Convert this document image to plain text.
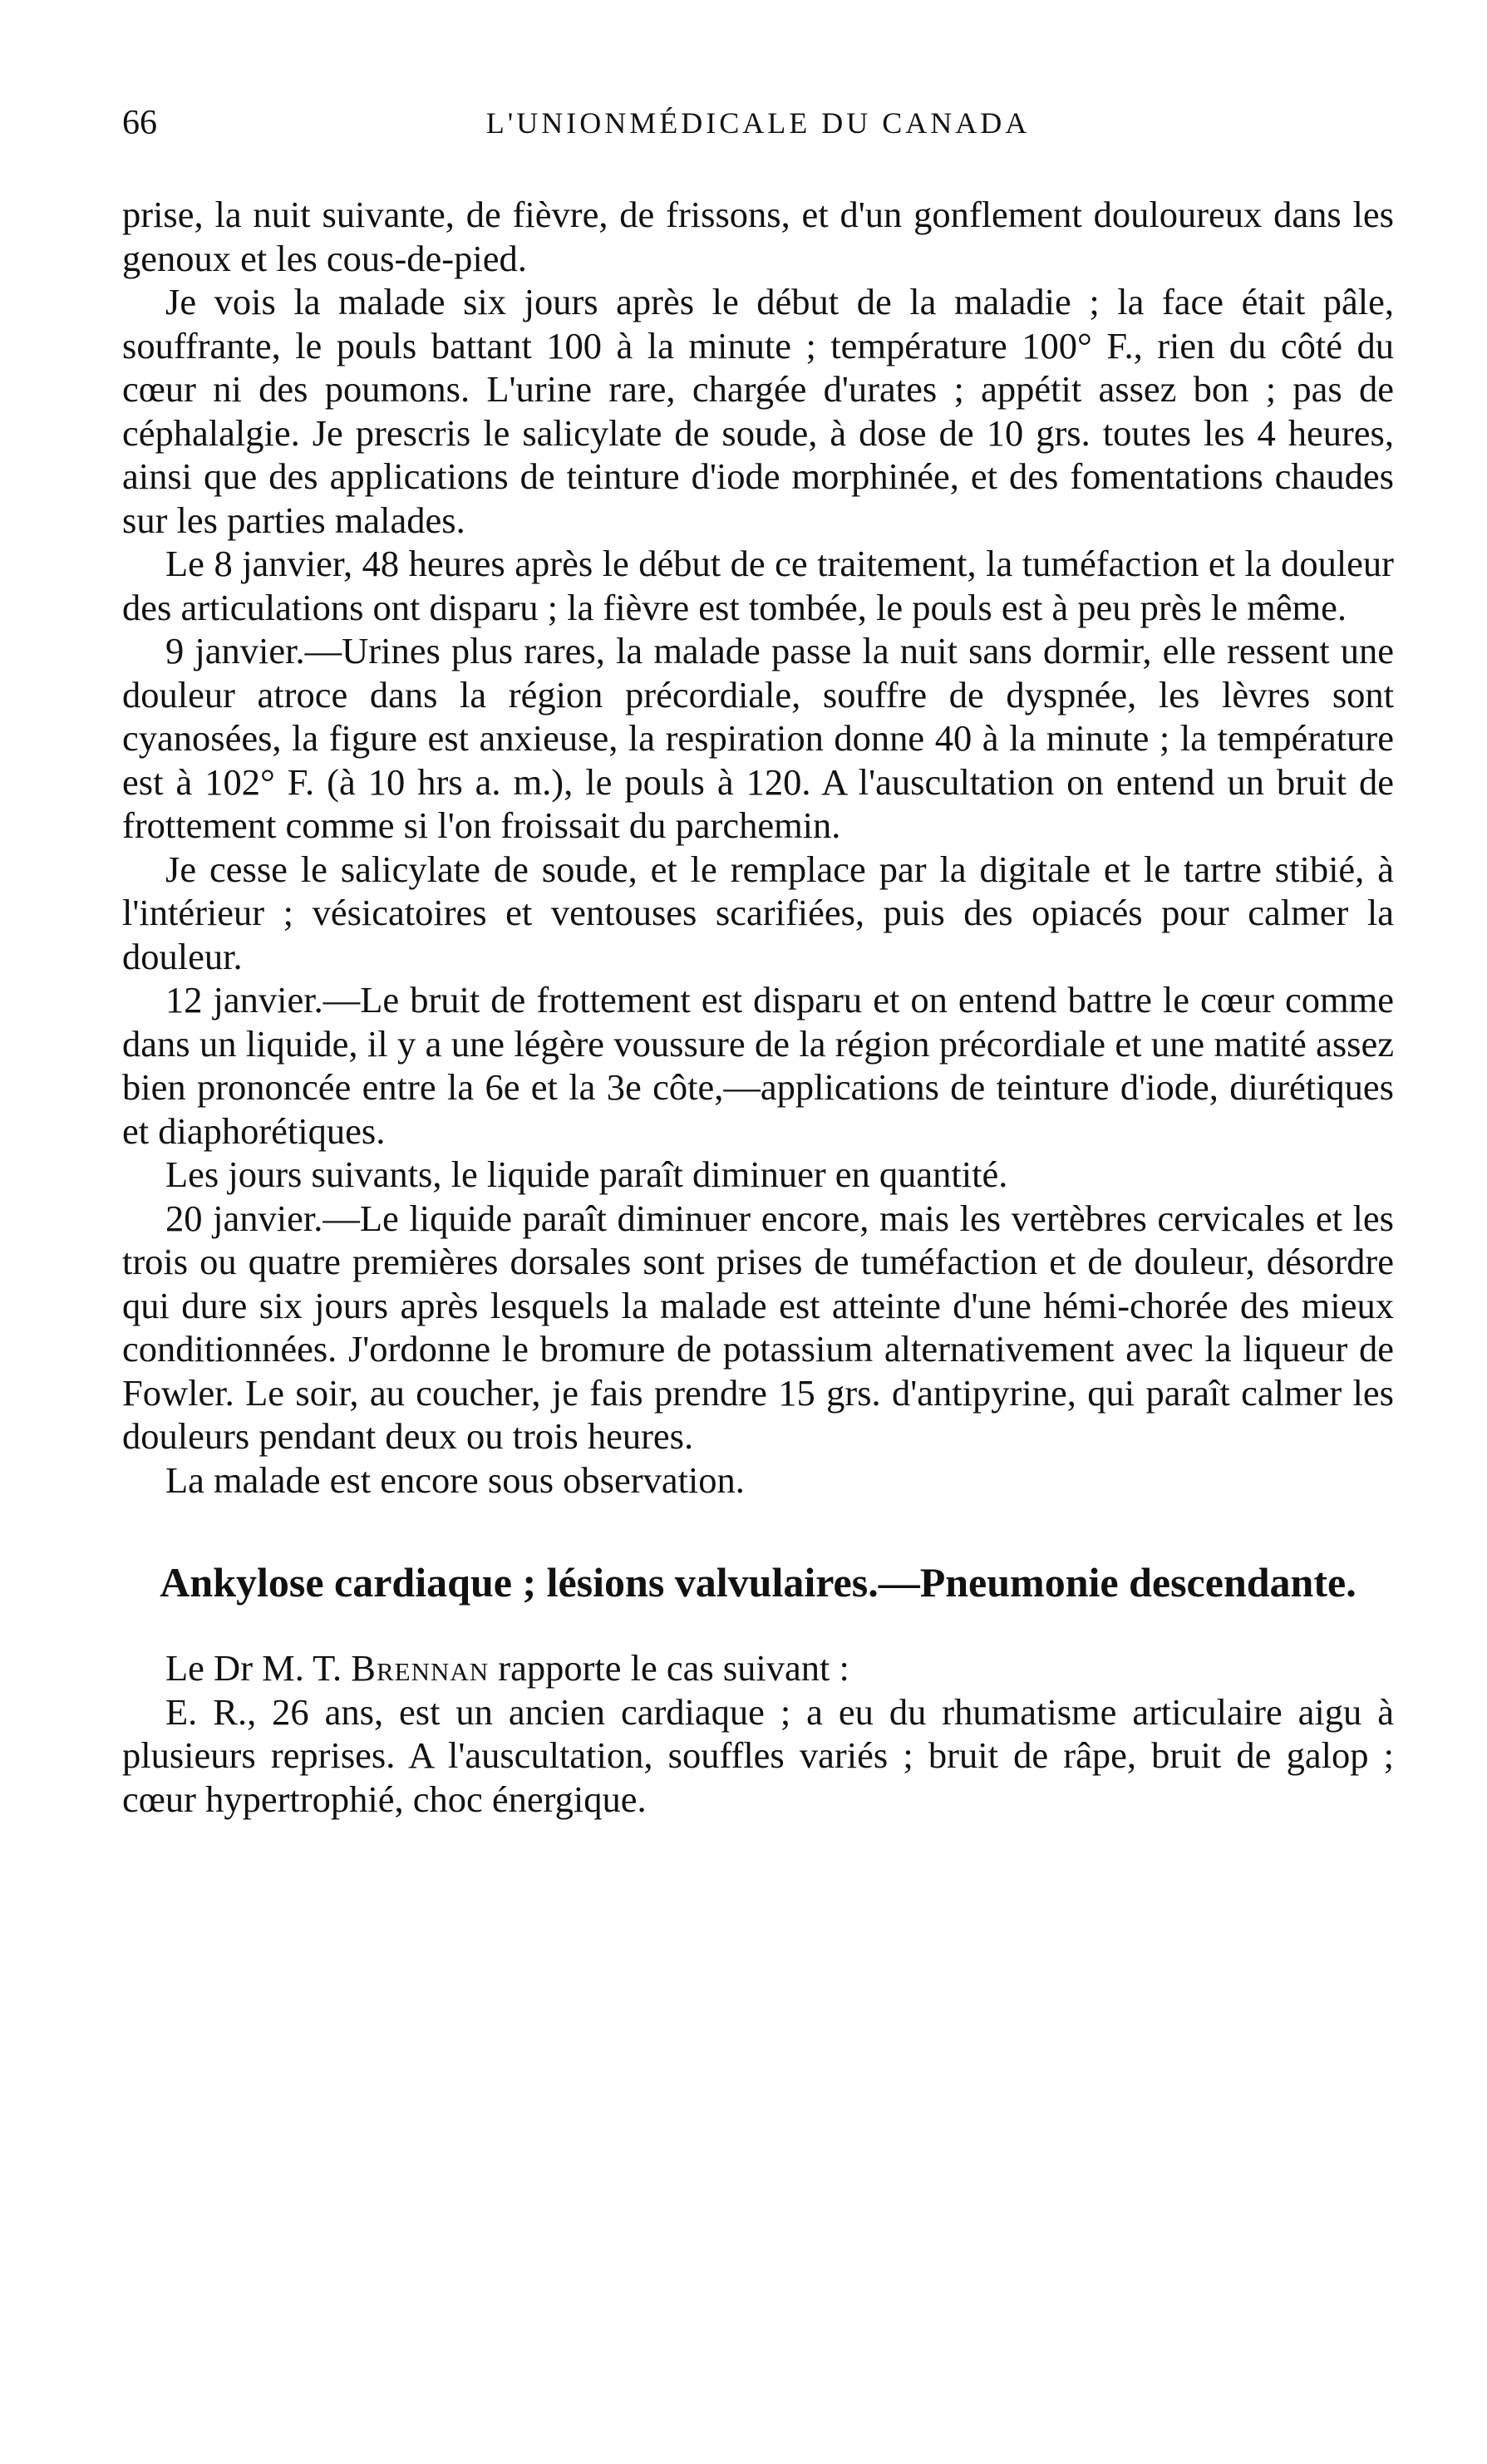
66	L'UNIONMÉDICALE DU CANADA

prise, la nuit suivante, de fièvre, de frissons, et d'un gonflement douloureux dans les genoux et les cous-de-pied.

Je vois la malade six jours après le début de la maladie ; la face était pâle, souffrante, le pouls battant 100 à la minute ; température 100° F., rien du côté du cœur ni des poumons. L'urine rare, chargée d'urates ; appétit assez bon ; pas de céphalalgie. Je prescris le salicylate de soude, à dose de 10 grs. toutes les 4 heures, ainsi que des applications de teinture d'iode morphinée, et des fomentations chaudes sur les parties malades.

Le 8 janvier, 48 heures après le début de ce traitement, la tuméfaction et la douleur des articulations ont disparu ; la fièvre est tombée, le pouls est à peu près le même.

9 janvier.—Urines plus rares, la malade passe la nuit sans dormir, elle ressent une douleur atroce dans la région précordiale, souffre de dyspnée, les lèvres sont cyanosées, la figure est anxieuse, la respiration donne 40 à la minute ; la température est à 102° F. (à 10 hrs a. m.), le pouls à 120. A l'auscultation on entend un bruit de frottement comme si l'on froissait du parchemin.

Je cesse le salicylate de soude, et le remplace par la digitale et le tartre stibié, à l'intérieur ; vésicatoires et ventouses scarifiées, puis des opiacés pour calmer la douleur.

12 janvier.—Le bruit de frottement est disparu et on entend battre le cœur comme dans un liquide, il y a une légère voussure de la région précordiale et une matité assez bien prononcée entre la 6e et la 3e côte,—applications de teinture d'iode, diurétiques et diaphorétiques.

Les jours suivants, le liquide paraît diminuer en quantité.

20 janvier.—Le liquide paraît diminuer encore, mais les vertèbres cervicales et les trois ou quatre premières dorsales sont prises de tuméfaction et de douleur, désordre qui dure six jours après lesquels la malade est atteinte d'une hémi-chorée des mieux conditionnées. J'ordonne le bromure de potassium alternativement avec la liqueur de Fowler. Le soir, au coucher, je fais prendre 15 grs. d'antipyrine, qui paraît calmer les douleurs pendant deux ou trois heures.

La malade est encore sous observation.

Ankylose cardiaque ; lésions valvulaires.—Pneumonie descendante.

Le Dr M. T. Brennan rapporte le cas suivant :

E. R., 26 ans, est un ancien cardiaque ; a eu du rhumatisme articulaire aigu à plusieurs reprises. A l'auscultation, souffles variés ; bruit de râpe, bruit de galop ; cœur hypertrophié, choc énergique.
